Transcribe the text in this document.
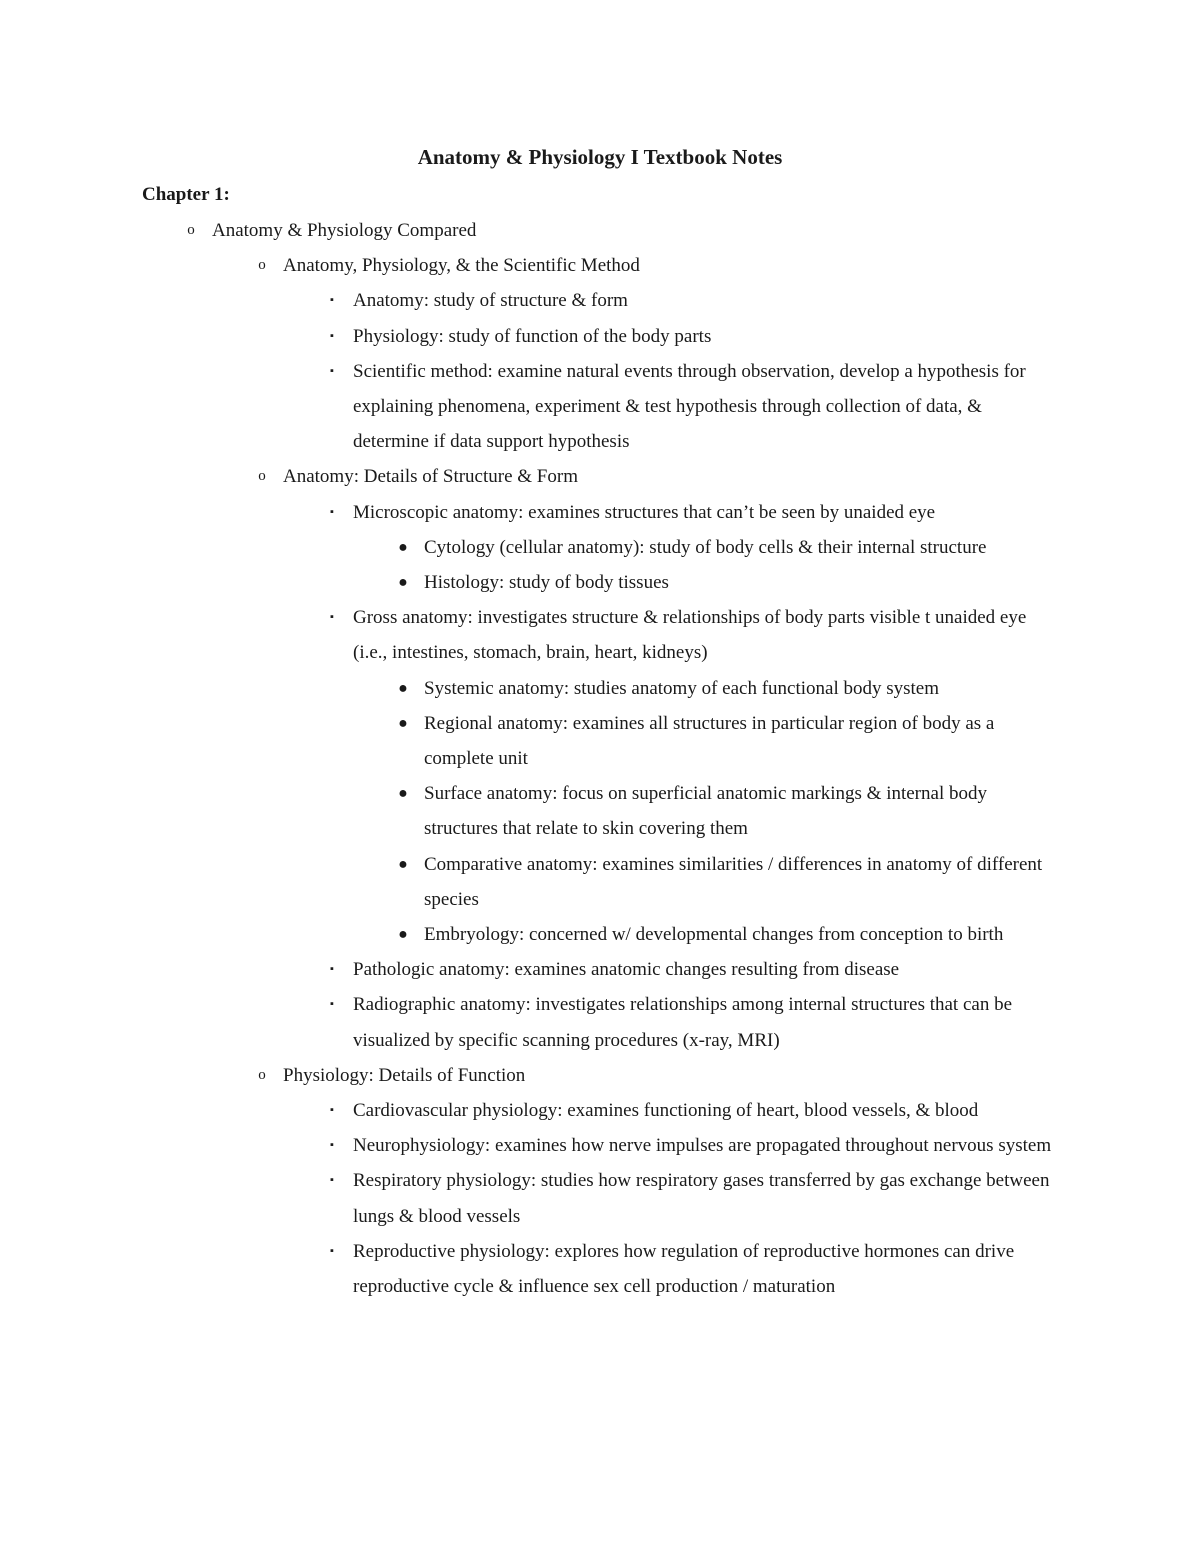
Anatomy & Physiology I Textbook Notes
Chapter 1:
o Anatomy & Physiology Compared
o Anatomy, Physiology, & the Scientific Method
▪	Anatomy: study of structure & form
▪	Physiology: study of function of the body parts
▪	Scientific method: examine natural events through observation, develop a hypothesis for explaining phenomena, experiment & test hypothesis through collection of data, & determine if data support hypothesis
o Anatomy: Details of Structure & Form
▪	Microscopic anatomy: examines structures that can’t be seen by unaided eye
● Cytology (cellular anatomy): study of body cells & their internal structure
● Histology: study of body tissues
▪	Gross anatomy: investigates structure & relationships of body parts visible t unaided eye (i.e., intestines, stomach, brain, heart, kidneys)
● Systemic anatomy: studies anatomy of each functional body system
● Regional anatomy: examines all structures in particular region of body as a complete unit
● Surface anatomy: focus on superficial anatomic markings & internal body structures that relate to skin covering them
● Comparative anatomy: examines similarities / differences in anatomy of different species
● Embryology: concerned w/ developmental changes from conception to birth
▪	Pathologic anatomy: examines anatomic changes resulting from disease
▪	Radiographic anatomy: investigates relationships among internal structures that can be visualized by specific scanning procedures (x-ray, MRI)
o Physiology: Details of Function
▪	Cardiovascular physiology: examines functioning of heart, blood vessels, & blood
▪	Neurophysiology: examines how nerve impulses are propagated throughout nervous system
▪	Respiratory physiology: studies how respiratory gases transferred by gas exchange between lungs & blood vessels
▪	Reproductive physiology: explores how regulation of reproductive hormones can drive reproductive cycle & influence sex cell production / maturation
